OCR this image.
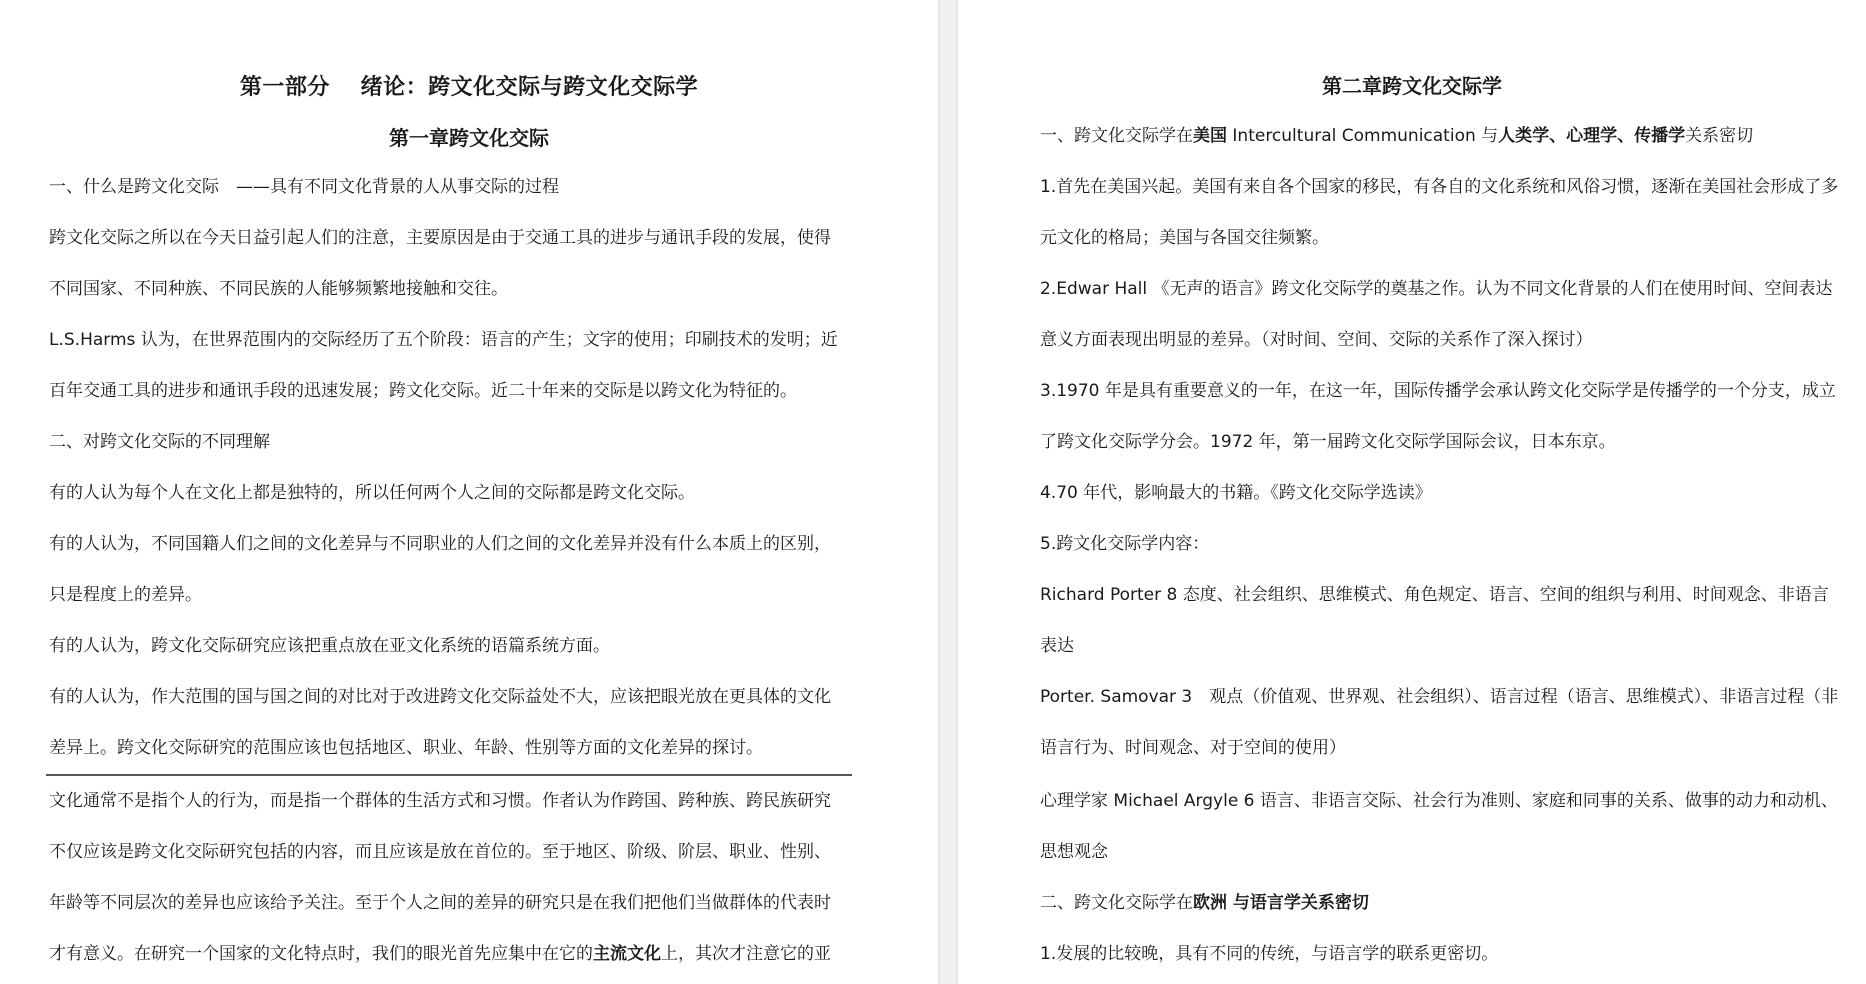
第一部分　 绪论：跨文化交际与跨文化交际学
第一章跨文化交际
一、什么是跨文化交际　——具有不同文化背景的人从事交际的过程
跨文化交际之所以在今天日益引起人们的注意，主要原因是由于交通工具的进步与通讯手段的发展，使得
不同国家、不同种族、不同民族的人能够频繁地接触和交往。
L.S.Harms 认为，在世界范围内的交际经历了五个阶段：语言的产生；文字的使用；印刷技术的发明；近
百年交通工具的进步和通讯手段的迅速发展；跨文化交际。近二十年来的交际是以跨文化为特征的。
二、对跨文化交际的不同理解
有的人认为每个人在文化上都是独特的，所以任何两个人之间的交际都是跨文化交际。
有的人认为，不同国籍人们之间的文化差异与不同职业的人们之间的文化差异并没有什么本质上的区别，
只是程度上的差异。
有的人认为，跨文化交际研究应该把重点放在亚文化系统的语篇系统方面。
有的人认为，作大范围的国与国之间的对比对于改进跨文化交际益处不大，应该把眼光放在更具体的文化
差异上。跨文化交际研究的范围应该也包括地区、职业、年龄、性别等方面的文化差异的探讨。
文化通常不是指个人的行为，而是指一个群体的生活方式和习惯。作者认为作跨国、跨种族、跨民族研究
不仅应该是跨文化交际研究包括的内容，而且应该是放在首位的。至于地区、阶级、阶层、职业、性别、
年龄等不同层次的差异也应该给予关注。至于个人之间的差异的研究只是在我们把他们当做群体的代表时
才有意义。在研究一个国家的文化特点时，我们的眼光首先应集中在它的主流文化上，其次才注意它的亚
第二章跨文化交际学
一、跨文化交际学在美国 Intercultural Communication 与人类学、心理学、传播学关系密切
1.首先在美国兴起。美国有来自各个国家的移民，有各自的文化系统和风俗习惯，逐渐在美国社会形成了多
元文化的格局；美国与各国交往频繁。
2.Edwar Hall 《无声的语言》跨文化交际学的奠基之作。认为不同文化背景的人们在使用时间、空间表达
意义方面表现出明显的差异。（对时间、空间、交际的关系作了深入探讨）
3.1970 年是具有重要意义的一年，在这一年，国际传播学会承认跨文化交际学是传播学的一个分支，成立
了跨文化交际学分会。1972 年，第一届跨文化交际学国际会议，日本东京。
4.70 年代，影响最大的书籍。《跨文化交际学选读》
5.跨文化交际学内容：
Richard Porter 8 态度、社会组织、思维模式、角色规定、语言、空间的组织与利用、时间观念、非语言
表达
Porter. Samovar 3　观点（价值观、世界观、社会组织）、语言过程（语言、思维模式）、非语言过程（非
语言行为、时间观念、对于空间的使用）
心理学家 Michael Argyle 6 语言、非语言交际、社会行为准则、家庭和同事的关系、做事的动力和动机、
思想观念
二、跨文化交际学在欧洲 与语言学关系密切
1.发展的比较晚，具有不同的传统，与语言学的联系更密切。
